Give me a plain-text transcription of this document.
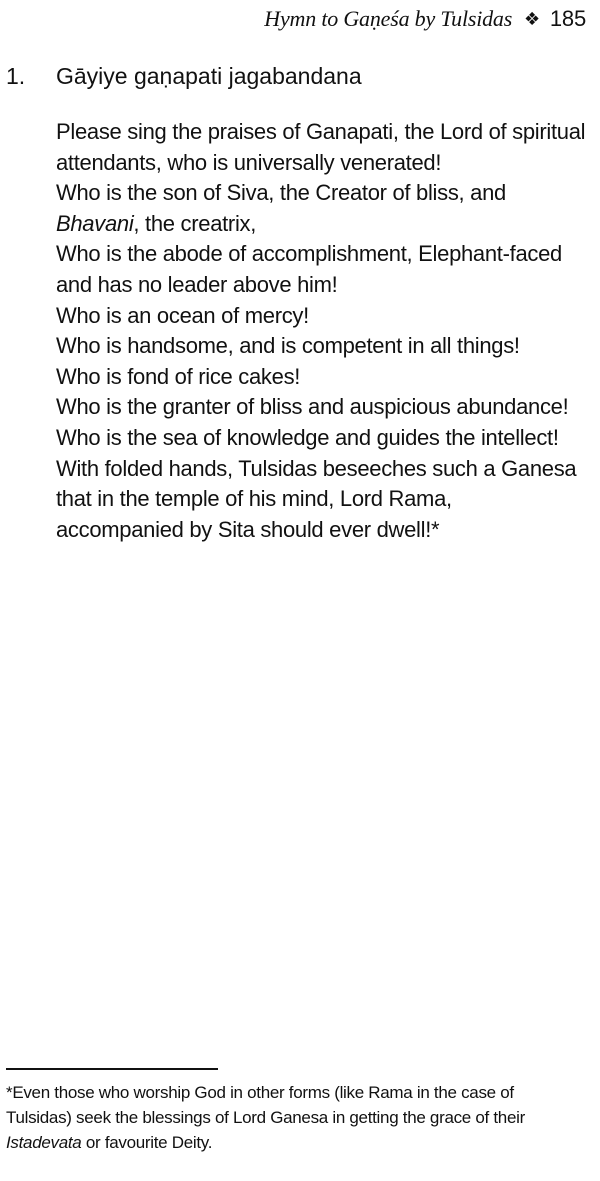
Hymn to Gaṇeśa by Tulsidas ❖ 185
1. Gāyiye gaṇapati jagabandana
Please sing the praises of Ganapati, the Lord of spiritual
attendants, who is universally venerated!
Who is the son of Siva, the Creator of bliss, and
Bhavani, the creatrix,
Who is the abode of accomplishment, Elephant-faced
and has no leader above him!
Who is an ocean of mercy!
Who is handsome, and is competent in all things!
Who is fond of rice cakes!
Who is the granter of bliss and auspicious abundance!
Who is the sea of knowledge and guides the intellect!
With folded hands, Tulsidas beseeches such a Ganesa
that in the temple of his mind, Lord Rama,
accompanied by Sita should ever dwell!*
*Even those who worship God in other forms (like Rama in the case of
Tulsidas) seek the blessings of Lord Ganesa in getting the grace of their
Istadevata or favourite Deity.
